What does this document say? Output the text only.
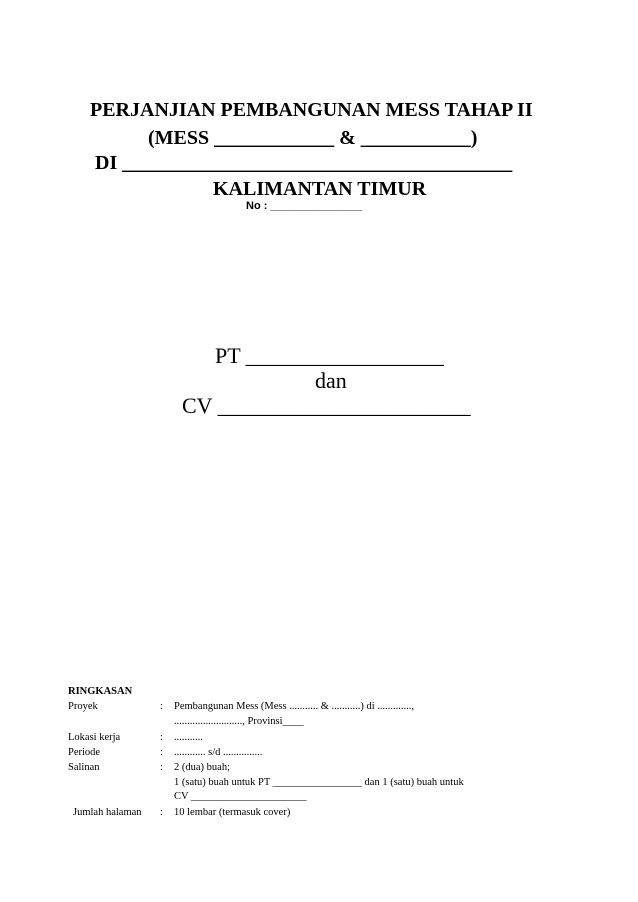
PERJANJIAN PEMBANGUNAN MESS TAHAP II
(MESS ____________ & ___________)
DI _______________________________________
KALIMANTAN TIMUR
No : _______________
PT __________________
dan
CV _______________________
RINGKASAN
Proyek	: Pembangunan Mess (Mess ........... & ...........) di .............,
.........................., Provinsi____
Lokasi kerja	: ...........
Periode	: ............ s/d ...............
Salinan	: 2 (dua) buah;
1 (satu) buah untuk PT _________________ dan 1 (satu) buah untuk
CV ______________________
Jumlah halaman : 10 lembar (termasuk cover)
